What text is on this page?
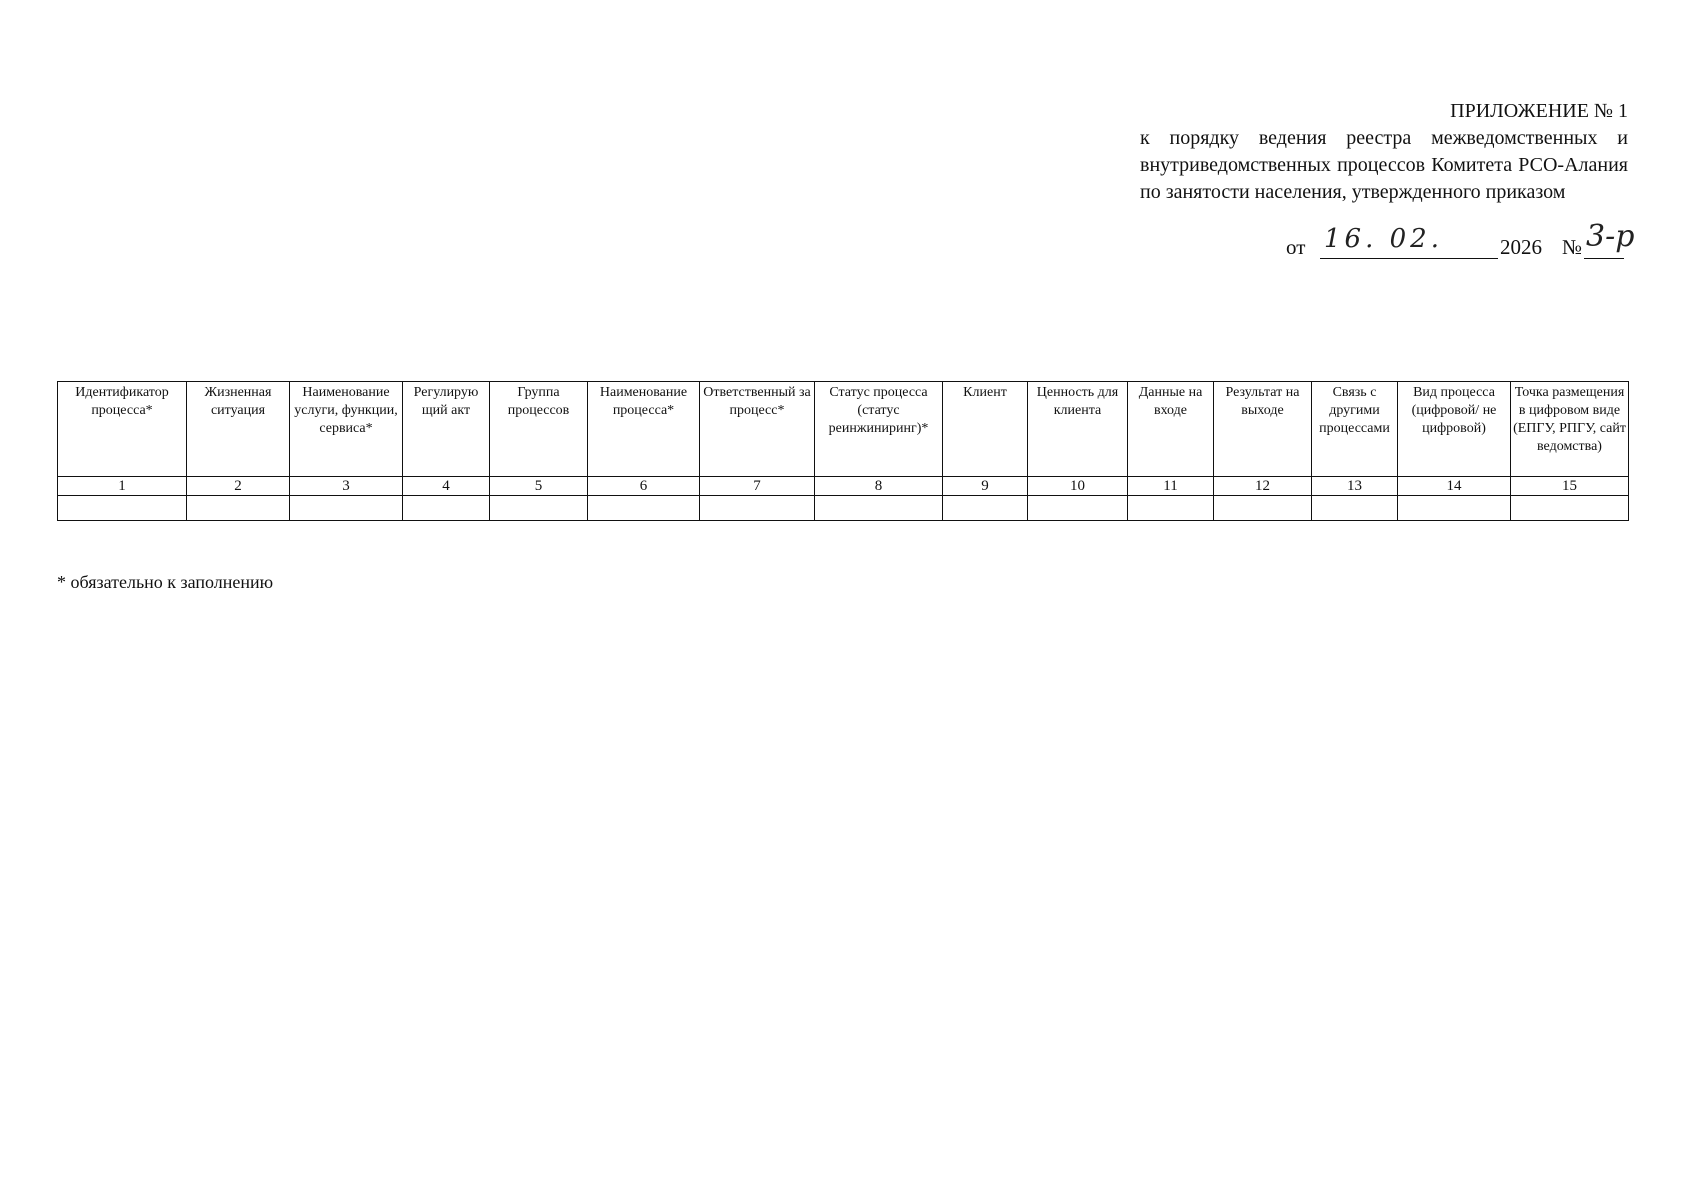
ПРИЛОЖЕНИЕ № 1
к порядку ведения реестра межведомственных и внутриведомственных процессов Комитета РСО-Алания по занятости населения, утвержденного приказом
от 16. 02.	2026 № 3-р
Идентификатор процесса*	Жизненная ситуация	Наименование услуги, функции, сервиса*	Регулирую щий акт	Группа процессов	Наименование процесса*	Ответственный за процесс*	Статус процесса (статус реинжиниринг)*	Клиент	Ценность для клиента	Данные на входе	Результат на выходе	Связь с другими процессами	Вид процесса (цифровой/ не цифровой)	Точка размещения в цифровом виде (ЕПГУ, РПГУ, сайт ведомства)
1	2	3	4	5	6	7	8	9	10	11	12	13	14	15

* обязательно к заполнению
